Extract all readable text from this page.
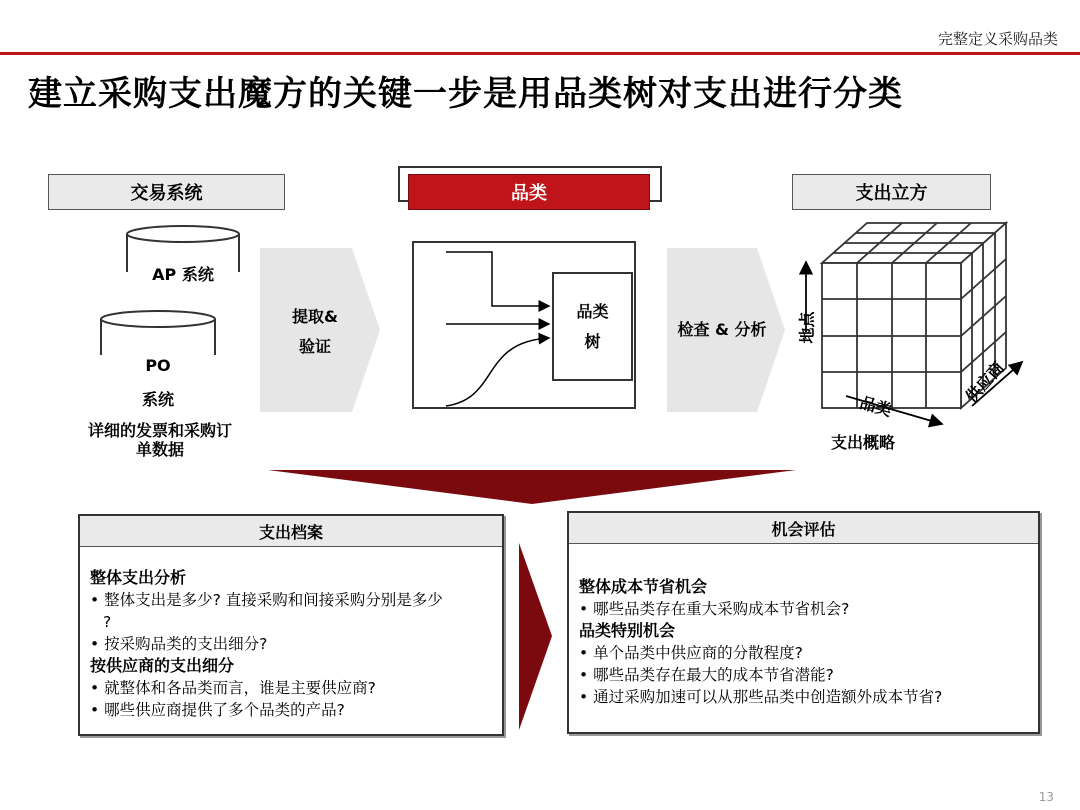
完整定义采购品类
建立采购支出魔方的关键一步是用品类树对支出进行分类
交易系统	品类	支出立方
AP 系统
PO
系统
详细的发票和采购订
单数据
提取&
验证
品类
树
检查 & 分析	地点
品类
供应商
支出概略
支出档案
整体支出分析
• 整体支出是多少? 直接采购和间接采购分别是多少
?
• 按采购品类的支出细分?
按供应商的支出细分
• 就整体和各品类而言，谁是主要供应商?
• 哪些供应商提供了多个品类的产品?
机会评估
整体成本节省机会
• 哪些品类存在重大采购成本节省机会?
品类特别机会
• 单个品类中供应商的分散程度?
• 哪些品类存在最大的成本节省潜能?
• 通过采购加速可以从那些品类中创造额外成本节省?
13
